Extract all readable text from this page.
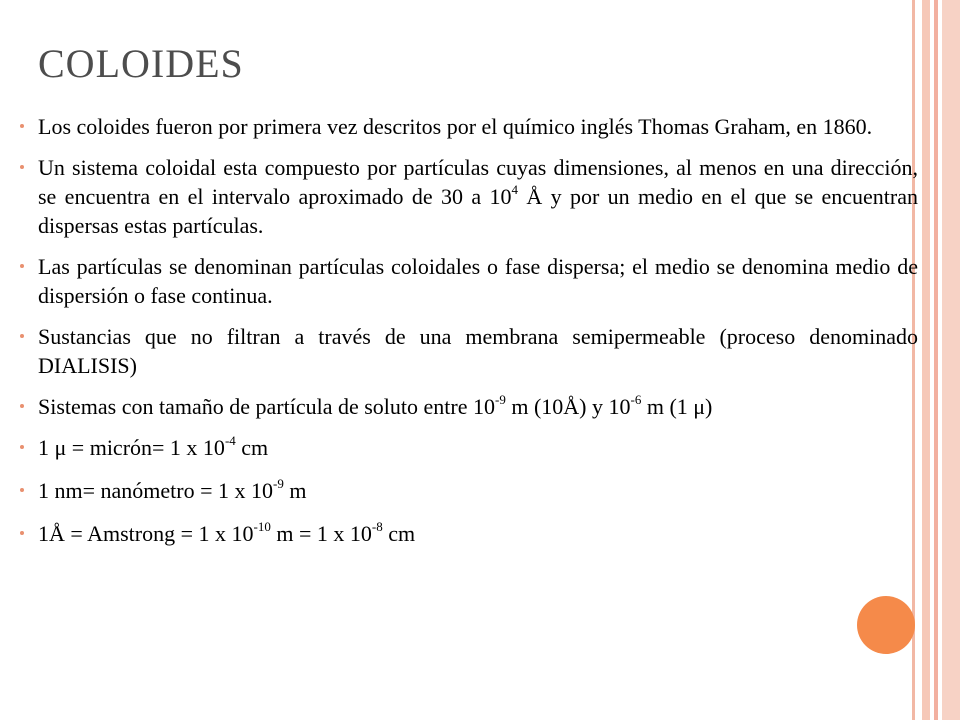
COLOIDES
Los coloides fueron por primera vez descritos por el químico inglés Thomas Graham, en 1860.
Un sistema coloidal esta compuesto por partículas cuyas dimensiones, al menos en una dirección, se encuentra en el intervalo aproximado de 30 a $10^4$ Å y por un medio en el que se encuentran dispersas estas partículas.
Las partículas se denominan partículas coloidales o fase dispersa; el medio se denomina medio de dispersión o fase continua.
Sustancias que no filtran a través de una membrana semipermeable (proceso denominado DIALISIS)
Sistemas con tamaño de partícula de soluto entre $10^{-9}$ m (10Å) y $10^{-6}$ m (1 μ)
1 μ = micrón= 1 x $10^{-4}$ cm
1 nm= nanómetro = 1 x $10^{-9}$ m
1Å = Amstrong = 1 x $10^{-10}$ m = 1 x $10^{-8}$ cm
